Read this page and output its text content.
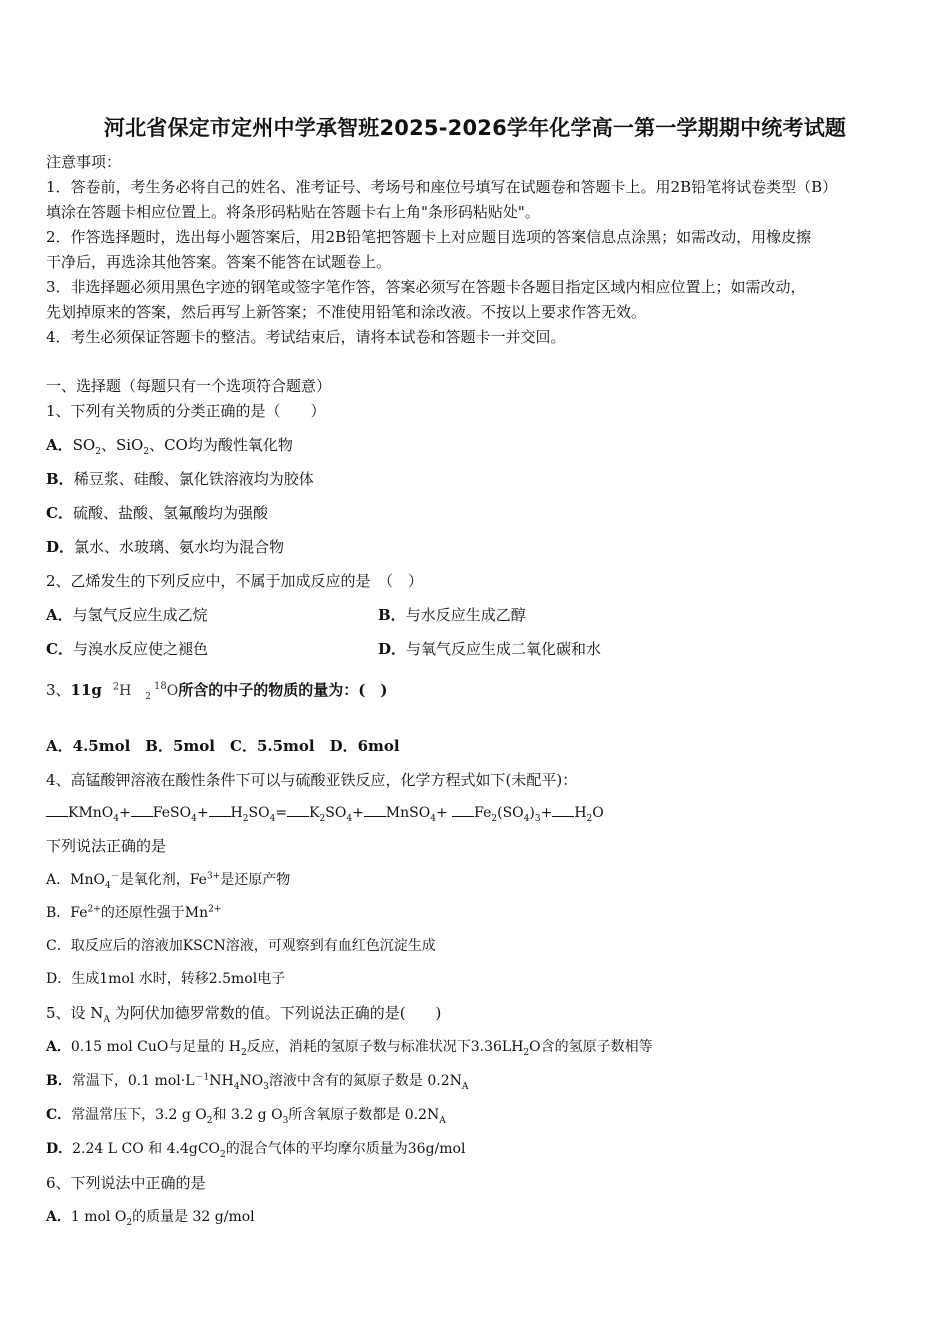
河北省保定市定州中学承智班2025-2026学年化学高一第一学期期中统考试题
注意事项：
1．答卷前，考生务必将自己的姓名、准考证号、考场号和座位号填写在试题卷和答题卡上。用2B铅笔将试卷类型（B）
填涂在答题卡相应位置上。将条形码粘贴在答题卡右上角"条形码粘贴处"。
2．作答选择题时，选出每小题答案后，用2B铅笔把答题卡上对应题目选项的答案信息点涂黑；如需改动，用橡皮擦
干净后，再选涂其他答案。答案不能答在试题卷上。
3．非选择题必须用黑色字迹的钢笔或签字笔作答，答案必须写在答题卡各题目指定区域内相应位置上；如需改动，
先划掉原来的答案，然后再写上新答案；不准使用铅笔和涂改液。不按以上要求作答无效。
4．考生必须保证答题卡的整洁。考试结束后，请将本试卷和答题卡一并交回。
一、选择题（每题只有一个选项符合题意）
1、下列有关物质的分类正确的是（　　）
A．$SO_2$、SiO$_2$、CO均为酸性氧化物
B．稀豆浆、硅酸、氯化铁溶液均为胶体
C．硫酸、盐酸、氢氟酸均为强酸
D．氯水、水玻璃、氨水均为混合物
2、乙烯发生的下列反应中，不属于加成反应的是　（　）
A．与氢气反应生成乙烷	B．与水反应生成乙醇
C．与溴水反应使之褪色	D．与氧气反应生成二氧化碳和水
3、11g $^2$H $_2^{18}$O所含的中子的物质的量为：(　)
A．4.5mol　B．5mol　C．5.5mol　D．6mol
4、高锰酸钾溶液在酸性条件下可以与硫酸亚铁反应，化学方程式如下(未配平)：
KMnO$_4$+ FeSO$_4$+ $H_2SO_4= K_2SO_4+$ MnSO$_4$+ $Fe_2(SO_4)_3+ H_2O$
下列说法正确的是
A．MnO$_4$－是氧化剂，$Fe^{3+}$是还原产物
B．$Fe^{2+}$的还原性强于$Mn^{2+}$
C．取反应后的溶液加KSCN溶液，可观察到有血红色沉淀生成
D．生成1mol 水时，转移2.5mol电子
5、设 $N_A$ 为阿伏加德罗常数的值。下列说法正确的是(　　)
A．0.15 mol CuO与足量的 $H_2$反应，消耗的氢原子数与标准状况下$3.36LH_2O$含的氢原子数相等
B．常温下，0.1 $mol\cdot L^{-1}NH_4NO_3$溶液中含有的氮原子数是 $0.2N_A$
C．常温常压下，3.2 g $O_2$和 3.2 g $O_3$所含氧原子数都是 $0.2N_A$
D．2.24 L CO 和 4.4gCO$_2$的混合气体的平均摩尔质量为36g/mol
6、下列说法中正确的是
A．1 mol $O_2$的质量是 32 g/mol
